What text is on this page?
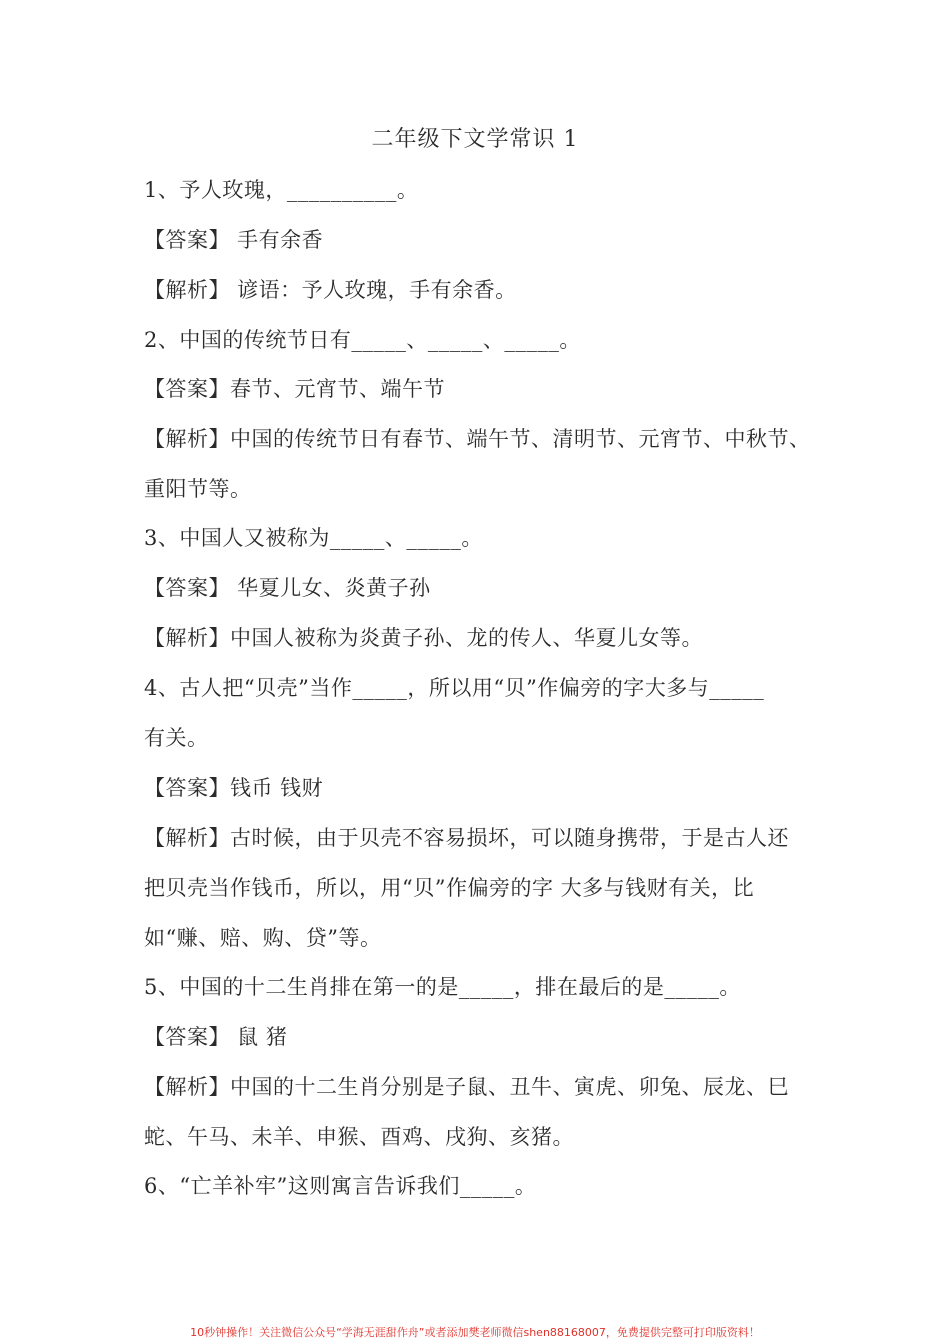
二年级下文学常识 1
1、予人玫瑰，__________。
【答案】 手有余香
【解析】 谚语：予人玫瑰，手有余香。
2、中国的传统节日有_____、_____、_____。
【答案】春节、元宵节、端午节
【解析】中国的传统节日有春节、端午节、清明节、元宵节、中秋节、
重阳节等。
3、中国人又被称为_____、_____。
【答案】 华夏儿女、炎黄子孙
【解析】中国人被称为炎黄子孙、龙的传人、华夏儿女等。
4、古人把“贝壳”当作_____，所以用“贝”作偏旁的字大多与_____
有关。
【答案】钱币 钱财
【解析】古时候，由于贝壳不容易损坏，可以随身携带，于是古人还
把贝壳当作钱币，所以，用“贝”作偏旁的字 大多与钱财有关，比
如“赚、赔、购、贷”等。
5、中国的十二生肖排在第一的是_____，排在最后的是_____。
【答案】 鼠 猪
【解析】中国的十二生肖分别是子鼠、丑牛、寅虎、卯兔、辰龙、巳
蛇、午马、未羊、申猴、酉鸡、戌狗、亥猪。
6、“亡羊补牢”这则寓言告诉我们_____。
10秒钟操作！关注微信公众号“学海无涯甜作舟”或者添加樊老师微信shen88168007，免费提供完整可打印版资料！
